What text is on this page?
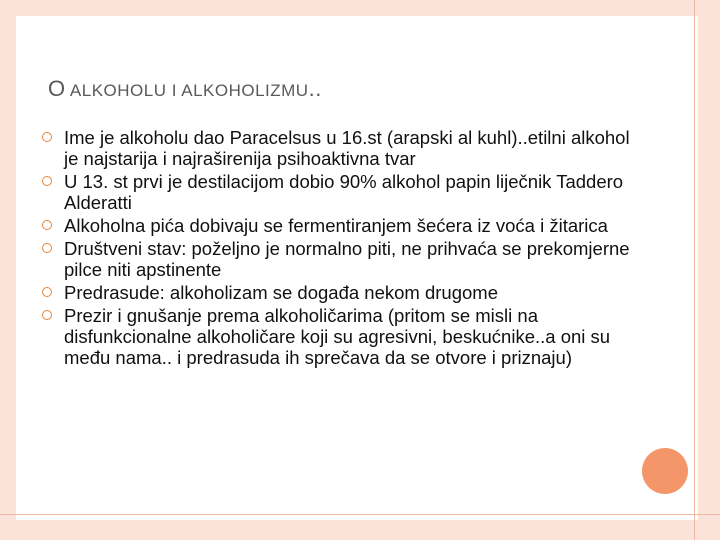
O ALKOHOLU I ALKOHOLIZMU..
Ime je alkoholu dao Paracelsus u 16.st (arapski al kuhl)..etilni alkohol je najstarija i najraširenija psihoaktivna tvar
U 13. st prvi je destilacijom dobio 90% alkohol papin liječnik Taddero Alderatti
Alkoholna pića dobivaju se fermentiranjem šećera iz voća i žitarica
Društveni stav: poželjno je normalno piti, ne prihvaća se prekomjerne pilce niti apstinente
Predrasude: alkoholizam se događa nekom drugome
Prezir i gnušanje prema alkoholičarima (pritom se misli na disfunkcionalne alkoholičare koji su agresivni, beskućnike..a oni su među nama.. i predrasuda ih sprečava da se otvore i priznaju)
